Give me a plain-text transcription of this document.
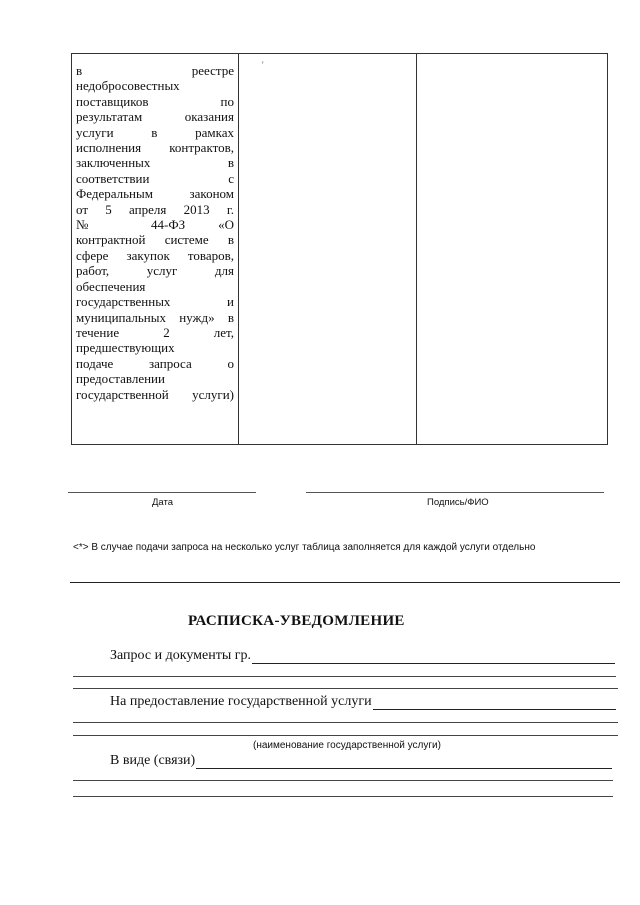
в реестре
недобросовестных
поставщиков по
результатам оказания
услуги в рамках
исполнения контрактов,
заключенных в
соответствии с
Федеральным законом
от 5 апреля 2013 г.
№ 44-ФЗ «О
контрактной системе в
сфере закупок товаров,
работ, услуг для
обеспечения
государственных и
муниципальных нужд» в
течение 2 лет,
предшествующих
подаче запроса о
предоставлении
государственной услуги)

'
Дата	Подпись/ФИО
<*> В случае подачи запроса на несколько услуг таблица заполняется для каждой услуги отдельно
РАСПИСКА-УВЕДОМЛЕНИЕ
Запрос и документы гр.
На предоставление государственной услуги
(наименование государственной услуги)
В виде (связи)
